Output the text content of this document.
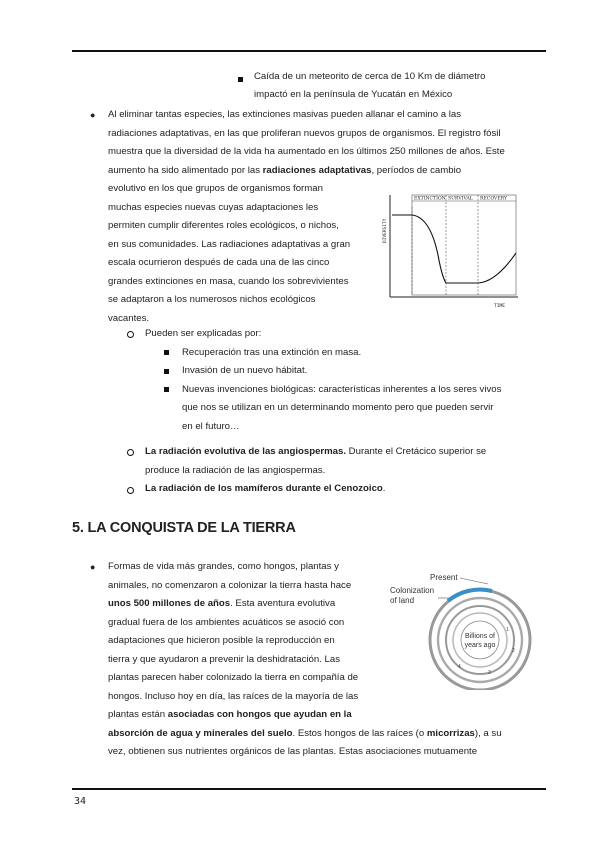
Caída de un meteorito de cerca de 10 Km de diámetro
impactó en la península de Yucatán en México
● Al eliminar tantas especies, las extinciones masivas pueden allanar el camino a las
radiaciones adaptativas, en las que proliferan nuevos grupos de organismos. El registro fósil
muestra que la diversidad de la vida ha aumentado en los últimos 250 millones de años. Este
aumento ha sido alimentado por las radiaciones adaptativas, períodos de cambio
evolutivo en los que grupos de organismos forman
muchas especies nuevas cuyas adaptaciones les
permiten cumplir diferentes roles ecológicos, o nichos,
en sus comunidades. Las radiaciones adaptativas a gran
escala ocurrieron después de cada una de las cinco
grandes extinciones en masa, cuando los sobrevivientes
se adaptaron a los numerosos nichos ecológicos
vacantes.
DIVERSITY
EXTINCTION SURVIVAL RECOVERY
TIME
Pueden ser explicadas por:
Recuperación tras una extinción en masa.
Invasión de un nuevo hábitat.
Nuevas invenciones biológicas: características inherentes a los seres vivos
que nos se utilizan en un determinando momento pero que pueden servir
en el futuro…
La radiación evolutiva de las angiospermas. Durante el Cretácico superior se
produce la radiación de las angiospermas.
La radiación de los mamíferos durante el Cenozoico.
5. LA CONQUISTA DE LA TIERRA
● Formas de vida más grandes, como hongos, plantas y
animales, no comenzaron a colonizar la tierra hasta hace
unos 500 millones de años. Esta aventura evolutiva
gradual fuera de los ambientes acuáticos se asoció con
adaptaciones que hicieron posible la reproducción en
tierra y que ayudaron a prevenir la deshidratación. Las
plantas parecen haber colonizado la tierra en compañía de
hongos. Incluso hoy en día, las raíces de la mayoría de las
plantas están asociadas con hongos que ayudan en la
absorción de agua y minerales del suelo. Estos hongos de las raíces (o micorrizas), a su
vez, obtienen sus nutrientes orgánicos de las plantas. Estas asociaciones mutuamente
Present
Colonization
of land
Billions of
years ago
1
2
3
4
34
